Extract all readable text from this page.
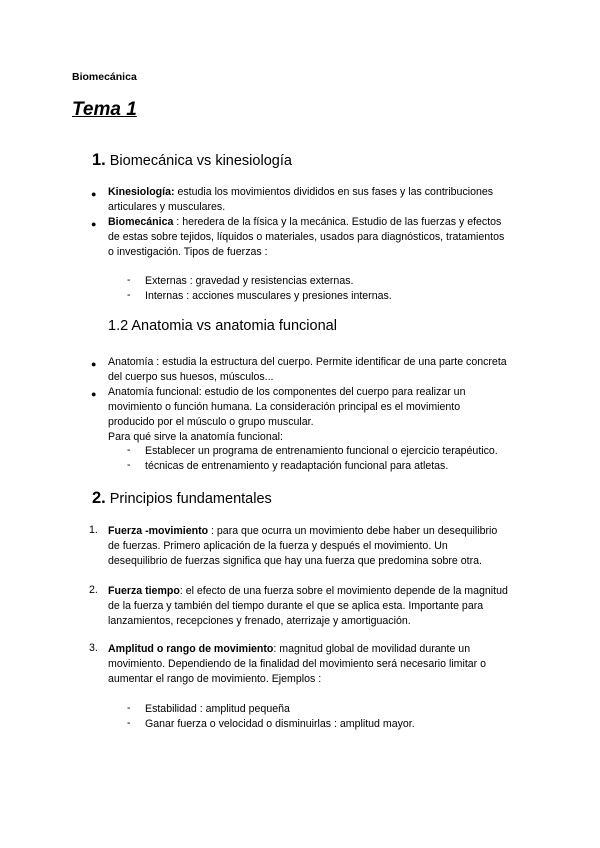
Biomecánica
Tema 1
1. Biomecánica vs kinesiología
● Kinesiología: estudia los movimientos divididos en sus fases y las contribuciones
articulares y musculares.
● Biomecánica : heredera de la física y la mecánica. Estudio de las fuerzas y efectos
de estas sobre tejidos, líquidos o materiales, usados para diagnósticos, tratamientos
o investigación. Tipos de fuerzas :
- Externas : gravedad y resistencias externas.
- Internas : acciones musculares y presiones internas.
1.2 Anatomia vs anatomia funcional
● Anatomía : estudia la estructura del cuerpo. Permite identificar de una parte concreta
del cuerpo sus huesos, músculos...
● Anatomía funcional: estudio de los componentes del cuerpo para realizar un
movimiento o función humana. La consideración principal es el movimiento
producido por el músculo o grupo muscular.
Para qué sirve la anatomía funcional:
- Establecer un programa de entrenamiento funcional o ejercicio terapéutico.
- técnicas de entrenamiento y readaptación funcional para atletas.
2. Principios fundamentales
1. Fuerza -movimiento : para que ocurra un movimiento debe haber un desequilibrio
de fuerzas. Primero aplicación de la fuerza y después el movimiento. Un
desequilibrio de fuerzas significa que hay una fuerza que predomina sobre otra.
2. Fuerza tiempo: el efecto de una fuerza sobre el movimiento depende de la magnitud
de la fuerza y también del tiempo durante el que se aplica esta. Importante para
lanzamientos, recepciones y frenado, aterrizaje y amortiguación.
3. Amplitud o rango de movimiento: magnitud global de movilidad durante un
movimiento. Dependiendo de la finalidad del movimiento será necesario limitar o
aumentar el rango de movimiento. Ejemplos :
- Estabilidad : amplitud pequeña
- Ganar fuerza o velocidad o disminuirlas : amplitud mayor.
